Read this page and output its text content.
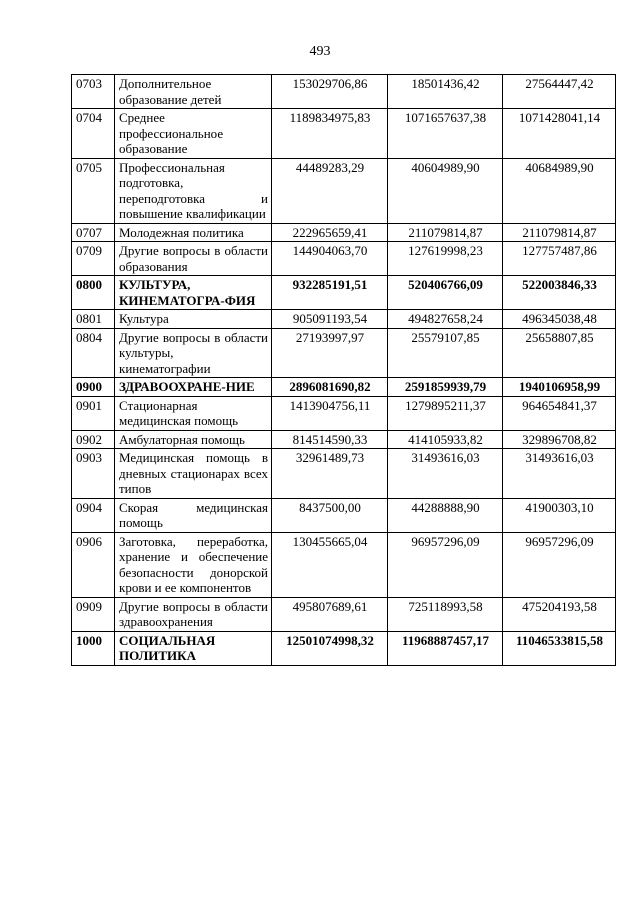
493
0703	Дополнительное образование детей	153029706,86	18501436,42	27564447,42
0704	Среднее профессиональное образование	1189834975,83	1071657637,38	1071428041,14
0705	Профессиональная подготовка, переподготовка и повышение квалификации	44489283,29	40604989,90	40684989,90
0707	Молодежная политика	222965659,41	211079814,87	211079814,87
0709	Другие вопросы в области образования	144904063,70	127619998,23	127757487,86
0800	КУЛЬТУРА, КИНЕМАТОГРА-ФИЯ	932285191,51	520406766,09	522003846,33
0801	Культура	905091193,54	494827658,24	496345038,48
0804	Другие вопросы в области культуры, кинематографии	27193997,97	25579107,85	25658807,85
0900	ЗДРАВООХРАНЕ-НИЕ	2896081690,82	2591859939,79	1940106958,99
0901	Стационарная медицинская помощь	1413904756,11	1279895211,37	964654841,37
0902	Амбулаторная помощь	814514590,33	414105933,82	329896708,82
0903	Медицинская помощь в дневных стационарах всех типов	32961489,73	31493616,03	31493616,03
0904	Скорая медицинская помощь	8437500,00	44288888,90	41900303,10
0906	Заготовка, переработка, хранение и обеспечение безопасности донорской крови и ее компонентов	130455665,04	96957296,09	96957296,09
0909	Другие вопросы в области здравоохранения	495807689,61	725118993,58	475204193,58
1000	СОЦИАЛЬНАЯ ПОЛИТИКА	12501074998,32	11968887457,17	11046533815,58
